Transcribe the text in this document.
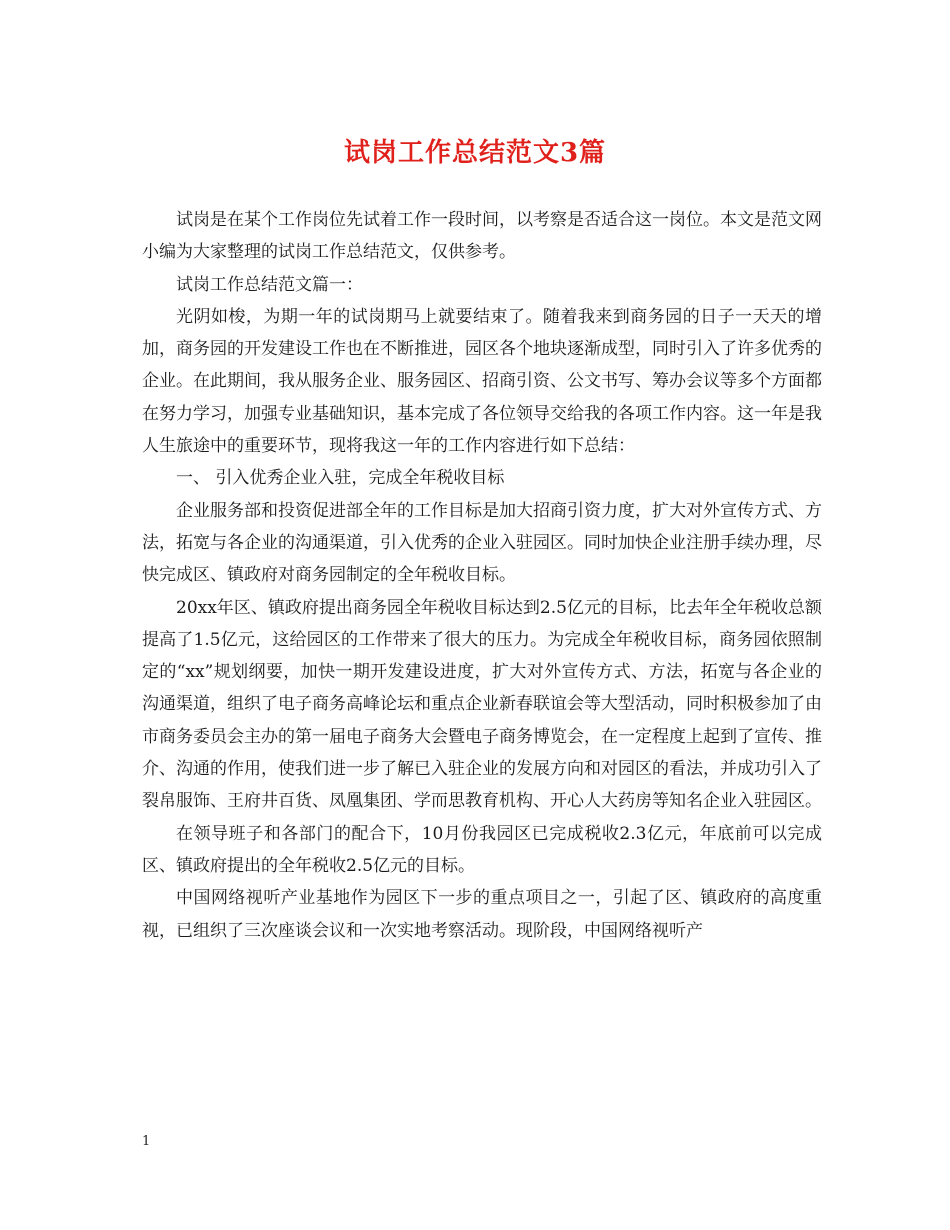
试岗工作总结范文3篇

试岗是在某个工作岗位先试着工作一段时间，以考察是否适合这一岗位。本文是范文网小编为大家整理的试岗工作总结范文，仅供参考。

试岗工作总结范文篇一：

光阴如梭，为期一年的试岗期马上就要结束了。随着我来到商务园的日子一天天的增加，商务园的开发建设工作也在不断推进，园区各个地块逐渐成型，同时引入了许多优秀的企业。在此期间，我从服务企业、服务园区、招商引资、公文书写、筹办会议等多个方面都在努力学习，加强专业基础知识，基本完成了各位领导交给我的各项工作内容。这一年是我人生旅途中的重要环节，现将我这一年的工作内容进行如下总结：

一、 引入优秀企业入驻，完成全年税收目标

企业服务部和投资促进部全年的工作目标是加大招商引资力度，扩大对外宣传方式、方法，拓宽与各企业的沟通渠道，引入优秀的企业入驻园区。同时加快企业注册手续办理，尽快完成区、镇政府对商务园制定的全年税收目标。

20xx年区、镇政府提出商务园全年税收目标达到2.5亿元的目标，比去年全年税收总额提高了1.5亿元，这给园区的工作带来了很大的压力。为完成全年税收目标，商务园依照制定的“xx”规划纲要，加快一期开发建设进度，扩大对外宣传方式、方法，拓宽与各企业的沟通渠道，组织了电子商务高峰论坛和重点企业新春联谊会等大型活动，同时积极参加了由市商务委员会主办的第一届电子商务大会暨电子商务博览会，在一定程度上起到了宣传、推介、沟通的作用，使我们进一步了解已入驻企业的发展方向和对园区的看法，并成功引入了裂帛服饰、王府井百货、凤凰集团、学而思教育机构、开心人大药房等知名企业入驻园区。

在领导班子和各部门的配合下，10月份我园区已完成税收2.3亿元，年底前可以完成区、镇政府提出的全年税收2.5亿元的目标。

中国网络视听产业基地作为园区下一步的重点项目之一，引起了区、镇政府的高度重视，已组织了三次座谈会议和一次实地考察活动。现阶段，中国网络视听产

1
